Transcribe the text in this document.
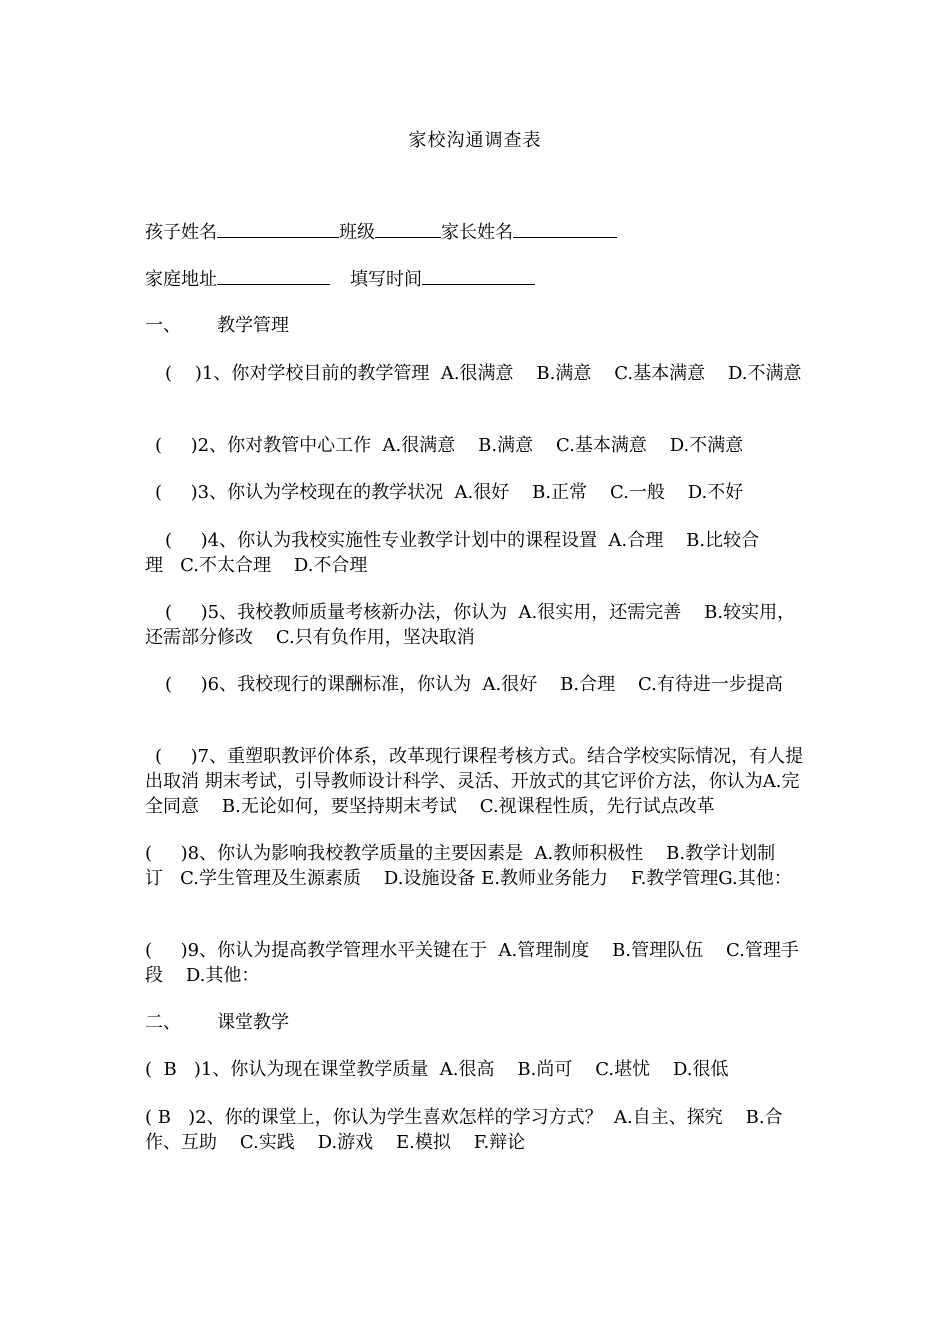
家校沟通调查表
孩子姓名	班级	家长姓名
家庭地址	填写时间
一、 教学管理
(    )1、你对学校目前的教学管理  A.很满意    B.满意    C.基本满意    D.不满意
(     )2、你对教管中心工作  A.很满意    B.满意    C.基本满意    D.不满意
(     )3、你认为学校现在的教学状况  A.很好    B.正常    C.一般    D.不好
(     )4、你认为我校实施性专业教学计划中的课程设置  A.合理    B.比较合理   C.不太合理    D.不合理
(     )5、我校教师质量考核新办法，你认为  A.很实用，还需完善    B.较实用，还需部分修改    C.只有负作用，坚决取消
(     )6、我校现行的课酬标准，你认为  A.很好    B.合理    C.有待进一步提高
(     )7、重塑职教评价体系，改革现行课程考核方式。结合学校实际情况，有人提出取消 期末考试，引导教师设计科学、灵活、开放式的其它评价方法，你认为A.完全同意    B.无论如何，要坚持期末考试    C.视课程性质，先行试点改革
(     )8、你认为影响我校教学质量的主要因素是  A.教师积极性    B.教学计划制订   C.学生管理及生源素质    D.设施设备 E.教师业务能力    F.教学管理G.其他：
(     )9、你认为提高教学管理水平关键在于  A.管理制度    B.管理队伍    C.管理手段    D.其他：
二、 课堂教学
(  B   )1、你认为现在课堂教学质量  A.很高    B.尚可    C.堪忧    D.很低
( B   )2、你的课堂上，你认为学生喜欢怎样的学习方式？  A.自主、探究    B.合作、互助    C.实践    D.游戏    E.模拟    F.辩论
